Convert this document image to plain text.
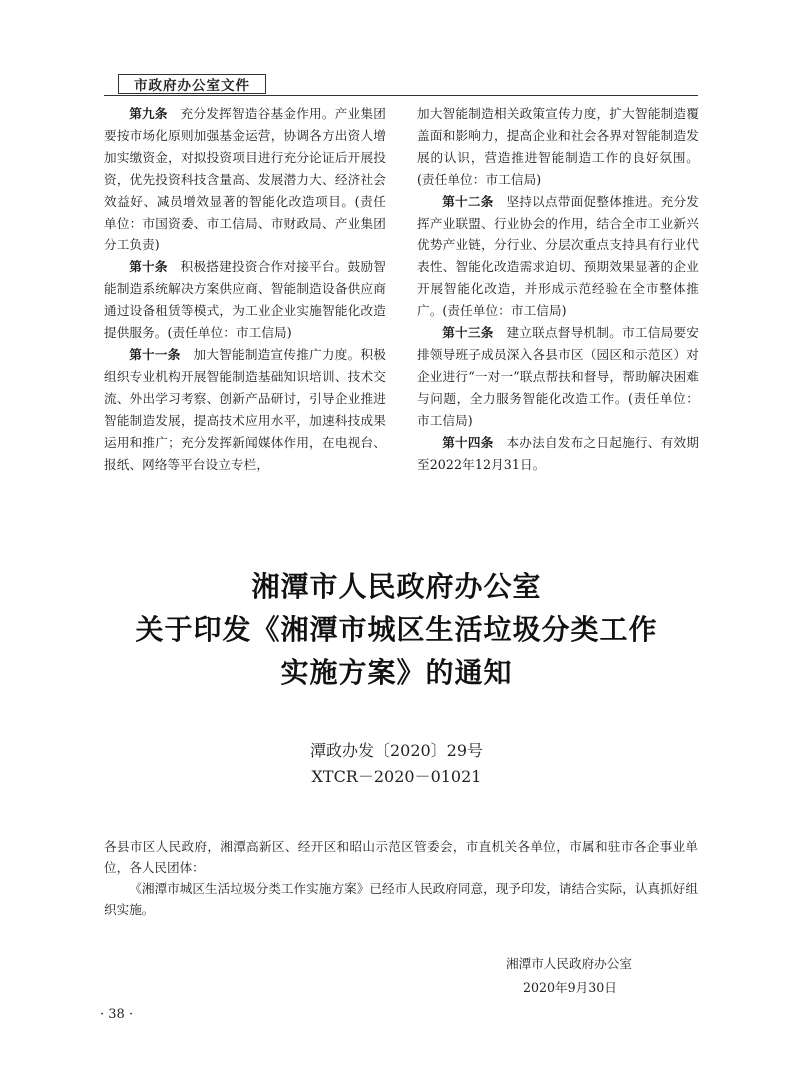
市政府办公室文件

第九条　 充分发挥智造谷基金作用。产业集团要按市场化原则加强基金运营，协调各方出资人增加实缴资金，对拟投资项目进行充分论证后开展投资，优先投资科技含量高、发展潜力大、经济社会效益好、减员增效显著的智能化改造项目。(责任单位：市国资委、市工信局、市财政局、产业集团分工负责)

第十条　 积极搭建投资合作对接平台。鼓励智能制造系统解决方案供应商、智能制造设备供应商通过设备租赁等模式，为工业企业实施智能化改造提供服务。(责任单位：市工信局)

第十一条　 加大智能制造宣传推广力度。积极组织专业机构开展智能制造基础知识培训、技术交流、外出学习考察、创新产品研讨，引导企业推进智能制造发展，提高技术应用水平，加速科技成果运用和推广；充分发挥新闻媒体作用，在电视台、报纸、网络等平台设立专栏，

加大智能制造相关政策宣传力度，扩大智能制造覆盖面和影响力，提高企业和社会各界对智能制造发展的认识，营造推进智能制造工作的良好氛围。(责任单位：市工信局)

第十二条　 坚持以点带面促整体推进。充分发挥产业联盟、行业协会的作用，结合全市工业新兴优势产业链，分行业、分层次重点支持具有行业代表性、智能化改造需求迫切、预期效果显著的企业开展智能化改造，并形成示范经验在全市整体推广。(责任单位：市工信局)

第十三条　 建立联点督导机制。市工信局要安排领导班子成员深入各县市区（园区和示范区）对企业进行“一对一”联点帮扶和督导，帮助解决困难与问题，全力服务智能化改造工作。(责任单位：市工信局)

第十四条　 本办法自发布之日起施行、有效期至2022年12月31日。

湘潭市人民政府办公室
关于印发《湘潭市城区生活垃圾分类工作
实施方案》的通知
潭政办发〔2020〕29号
XTCR－2020－01021

各县市区人民政府，湘潭高新区、经开区和昭山示范区管委会，市直机关各单位，市属和驻市各企事业单位，各人民团体：

《湘潭市城区生活垃圾分类工作实施方案》已经市人民政府同意，现予印发，请结合实际，认真抓好组织实施。

湘潭市人民政府办公室
2020年9月30日
· 38 ·
